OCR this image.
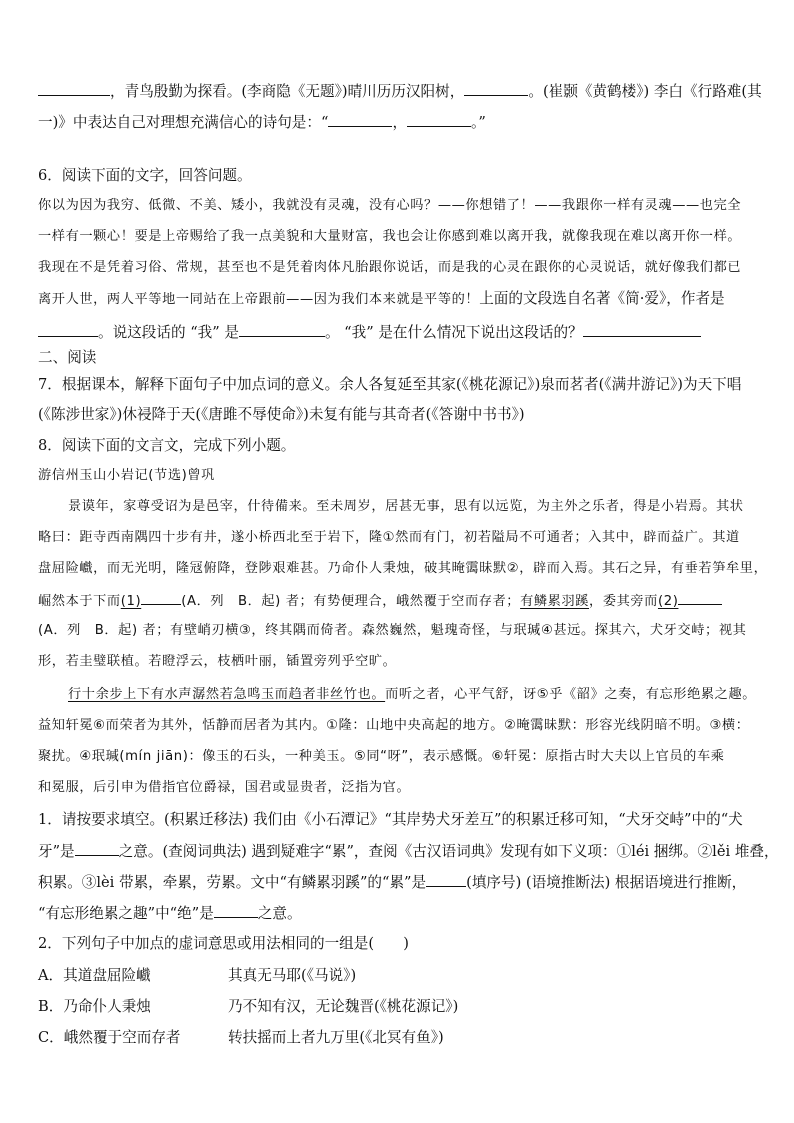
，青鸟殷勤为探看。(李商隐《无题》)晴川历历汉阳树，	。(崔颢《黄鹤楼》) 李白《行路难(其
一)》中表达自己对理想充满信心的诗句是：“	，	。”
6．阅读下面的文字，回答问题。
你以为因为我穷、低微、不美、矮小，我就没有灵魂，没有心吗？——你想错了！——我跟你一样有灵魂——也完全
一样有一颗心！要是上帝赐给了我一点美貌和大量财富，我也会让你感到难以离开我，就像我现在难以离开你一样。
我现在不是凭着习俗、常规，甚至也不是凭着肉体凡胎跟你说话，而是我的心灵在跟你的心灵说话，就好像我们都已
离开人世，两人平等地一同站在上帝跟前——因为我们本来就是平等的！上面的文段选自名著《简·爱》，作者是
。说这段话的 “我” 是	。 “我” 是在什么情况下说出这段话的？
二、阅读
7．根据课本，解释下面句子中加点词的意义。余人各复延至其家(《桃花源记》)泉而茗者(《满井游记》)为天下唱
(《陈涉世家》)休祲降于天(《唐雎不辱使命》)未复有能与其奇者(《答谢中书书》)
8．阅读下面的文言文，完成下列小题。
游信州玉山小岩记(节选)曾巩
景谟年，家尊受诏为是邑宰，什待備来。至未周岁，居甚无事，思有以远览，为主外之乐者，得是小岩焉。其状
略曰：距寺西南隅四十步有井，遂小桥西北至于岩下，隆①然而有门，初若隘局不可通者；入其中，辟而益广。其道
盘屈险巇，而无光明，隆冦俯降，登陟艰难甚。乃命仆人秉烛，破其晻霭昧默②，辟而入焉。其石之异，有垂若笋牟里，
崛然本于下而(1)	(A．列　B．起) 者；有势便理合，峨然覆于空而存者；有鳞累羽蹊，委其旁而(2)
(A．列　B．起) 者；有壁峭刃横③，终其隅而倚者。森然巍然，魁瑰奇怪，与珉瑊④甚远。探其六，犬牙交峙；视其
形，若圭璧联植。若瞪浮云，枝栖叶丽，锸置旁列乎空旷。
行十余步上下有水声潺然若急鸣玉而趋者非丝竹也。而听之者，心平气舒，讶⑤乎《韶》之奏，有忘形绝累之趣。
益知轩冕⑥而荣者为其外，恬静而居者为其内。①隆：山地中央高起的地方。②晻霭昧默：形容光线阴暗不明。③横：
聚扰。④珉瑊(mín jiān)：像玉的石头，一种美玉。⑤同“呀”，表示感慨。⑥轩冕：原指古时大夫以上官员的车乘
和冕服，后引申为借指官位爵禄，国君或显贵者，泛指为官。
1．请按要求填空。(积累迁移法) 我们由《小石潭记》“其岸势犬牙差互”的积累迁移可知，“犬牙交峙”中的“犬
牙”是	之意。(查阅词典法) 遇到疑难字“累”，查阅《古汉语词典》发现有如下义项：①léi 捆绑。②lěi 堆叠，
积累。③lèi 带累，牵累，劳累。文中“有鳞累羽蹊”的“累”是	(填序号) (语境推断法) 根据语境进行推断，
“有忘形绝累之趣”中“绝”是	之意。
2．下列句子中加点的虚词意思或用法相同的一组是(　　)
A．其道盘屈险巇	其真无马耶(《马说》)
B．乃命仆人秉烛	乃不知有汉，无论魏晋(《桃花源记》)
C．峨然覆于空而存者	转扶摇而上者九万里(《北冥有鱼》)
